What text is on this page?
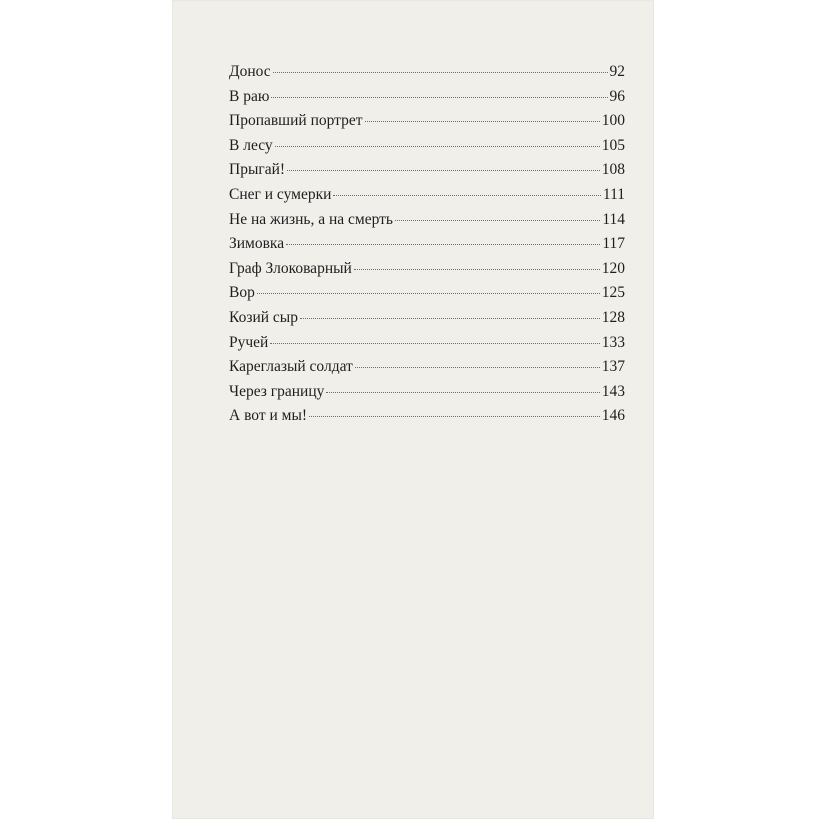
Донос	92
В раю	96
Пропавший портрет	100
В лесу	105
Прыгай!	108
Снег и сумерки	111
Не на жизнь, а на смерть	114
Зимовка	117
Граф Злоковарный	120
Вор	125
Козий сыр	128
Ручей	133
Кареглазый солдат	137
Через границу	143
А вот и мы!	146
